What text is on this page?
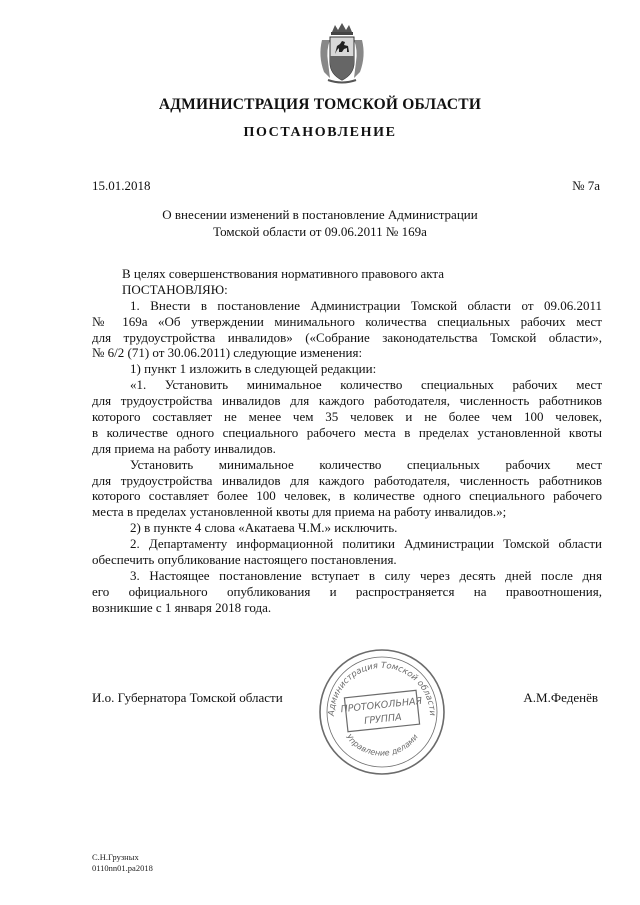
АДМИНИСТРАЦИЯ ТОМСКОЙ ОБЛАСТИ
ПОСТАНОВЛЕНИЕ
15.01.2018	№ 7а
О внесении изменений в постановление Администрации
Томской области от 09.06.2011 № 169а
В целях совершенствования нормативного правового акта
ПОСТАНОВЛЯЮ:
1. Внести в постановление Администрации Томской области от 09.06.2011
№ 169а «Об утверждении минимального количества специальных рабочих мест
для трудоустройства инвалидов» («Собрание законодательства Томской области»,
№ 6/2 (71) от 30.06.2011) следующие изменения:
1) пункт 1 изложить в следующей редакции:
«1. Установить минимальное количество специальных рабочих мест
для трудоустройства инвалидов для каждого работодателя, численность работников
которого составляет не менее чем 35 человек и не более чем 100 человек,
в количестве одного специального рабочего места в пределах установленной квоты
для приема на работу инвалидов.
Установить минимальное количество специальных рабочих мест
для трудоустройства инвалидов для каждого работодателя, численность работников
которого составляет более 100 человек, в количестве одного специального рабочего
места в пределах установленной квоты для приема на работу инвалидов.»;
2) в пункте 4 слова «Акатаева Ч.М.» исключить.
2. Департаменту информационной политики Администрации Томской области
обеспечить опубликование настоящего постановления.
3. Настоящее постановление вступает в силу через десять дней после дня
его официального опубликования и распространяется на правоотношения,
возникшие с 1 января 2018 года.
И.о. Губернатора Томской области	А.М.Феденёв
Администрация Томской области
Управление делами
ПРОТОКОЛЬНАЯ
ГРУППА
С.Н.Грузных
0110nn01.pa2018
